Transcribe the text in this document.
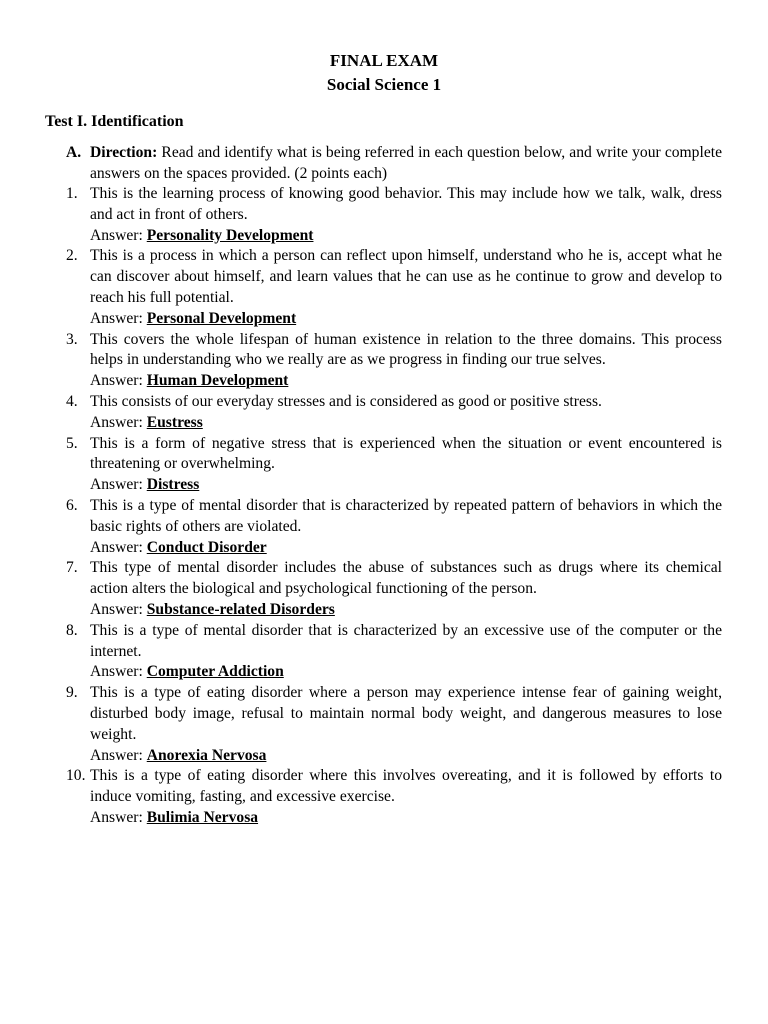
FINAL EXAM
Social Science 1
Test I. Identification
A. Direction: Read and identify what is being referred in each question below, and write your complete answers on the spaces provided. (2 points each)
1. This is the learning process of knowing good behavior. This may include how we talk, walk, dress and act in front of others.
Answer: Personality Development
2. This is a process in which a person can reflect upon himself, understand who he is, accept what he can discover about himself, and learn values that he can use as he continue to grow and develop to reach his full potential.
Answer: Personal Development
3. This covers the whole lifespan of human existence in relation to the three domains. This process helps in understanding who we really are as we progress in finding our true selves.
Answer: Human Development
4. This consists of our everyday stresses and is considered as good or positive stress.
Answer: Eustress
5. This is a form of negative stress that is experienced when the situation or event encountered is threatening or overwhelming.
Answer: Distress
6. This is a type of mental disorder that is characterized by repeated pattern of behaviors in which the basic rights of others are violated.
Answer: Conduct Disorder
7. This type of mental disorder includes the abuse of substances such as drugs where its chemical action alters the biological and psychological functioning of the person.
Answer: Substance-related Disorders
8. This is a type of mental disorder that is characterized by an excessive use of the computer or the internet.
Answer: Computer Addiction
9. This is a type of eating disorder where a person may experience intense fear of gaining weight, disturbed body image, refusal to maintain normal body weight, and dangerous measures to lose weight.
Answer: Anorexia Nervosa
10. This is a type of eating disorder where this involves overeating, and it is followed by efforts to induce vomiting, fasting, and excessive exercise.
Answer: Bulimia Nervosa
